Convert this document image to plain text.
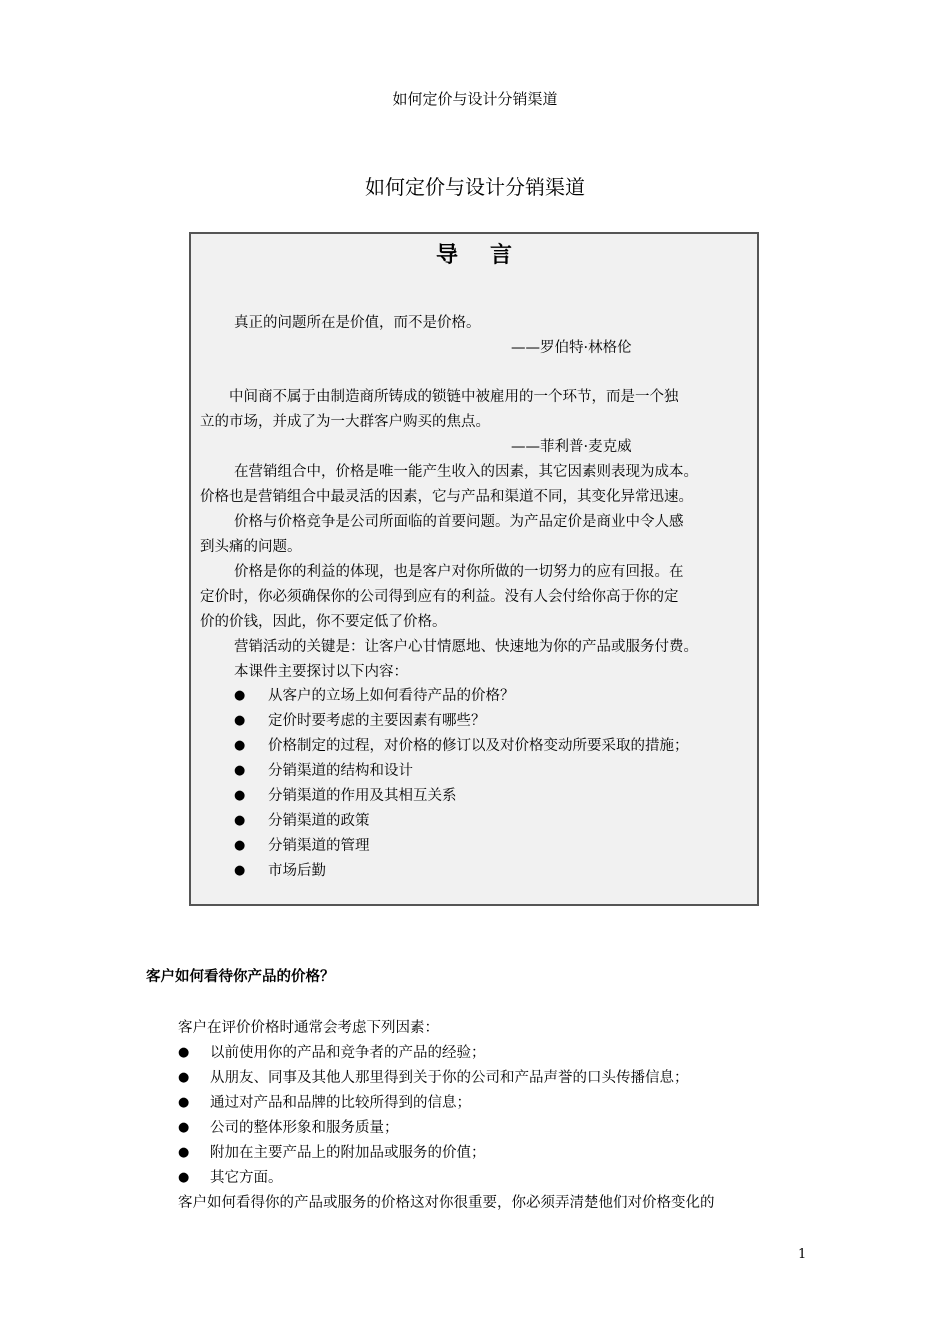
如何定价与设计分销渠道
如何定价与设计分销渠道
导言
真正的问题所在是价值，而不是价格。
——罗伯特·林格伦
中间商不属于由制造商所铸成的锁链中被雇用的一个环节，而是一个独
立的市场，并成了为一大群客户购买的焦点。
——菲利普·麦克威
在营销组合中，价格是唯一能产生收入的因素，其它因素则表现为成本。
价格也是营销组合中最灵活的因素，它与产品和渠道不同，其变化异常迅速。
价格与价格竞争是公司所面临的首要问题。为产品定价是商业中令人感
到头痛的问题。
价格是你的利益的体现，也是客户对你所做的一切努力的应有回报。在
定价时，你必须确保你的公司得到应有的利益。没有人会付给你高于你的定
价的价钱，因此，你不要定低了价格。
营销活动的关键是：让客户心甘情愿地、快速地为你的产品或服务付费。
本课件主要探讨以下内容：
● 从客户的立场上如何看待产品的价格？
● 定价时要考虑的主要因素有哪些？
● 价格制定的过程，对价格的修订以及对价格变动所要采取的措施；
● 分销渠道的结构和设计
● 分销渠道的作用及其相互关系
● 分销渠道的政策
● 分销渠道的管理
● 市场后勤
客户如何看待你产品的价格？
客户在评价价格时通常会考虑下列因素：
● 以前使用你的产品和竞争者的产品的经验；
● 从朋友、同事及其他人那里得到关于你的公司和产品声誉的口头传播信息；
● 通过对产品和品牌的比较所得到的信息；
● 公司的整体形象和服务质量；
● 附加在主要产品上的附加品或服务的价值；
● 其它方面。
客户如何看得你的产品或服务的价格这对你很重要，你必须弄清楚他们对价格变化的
1
